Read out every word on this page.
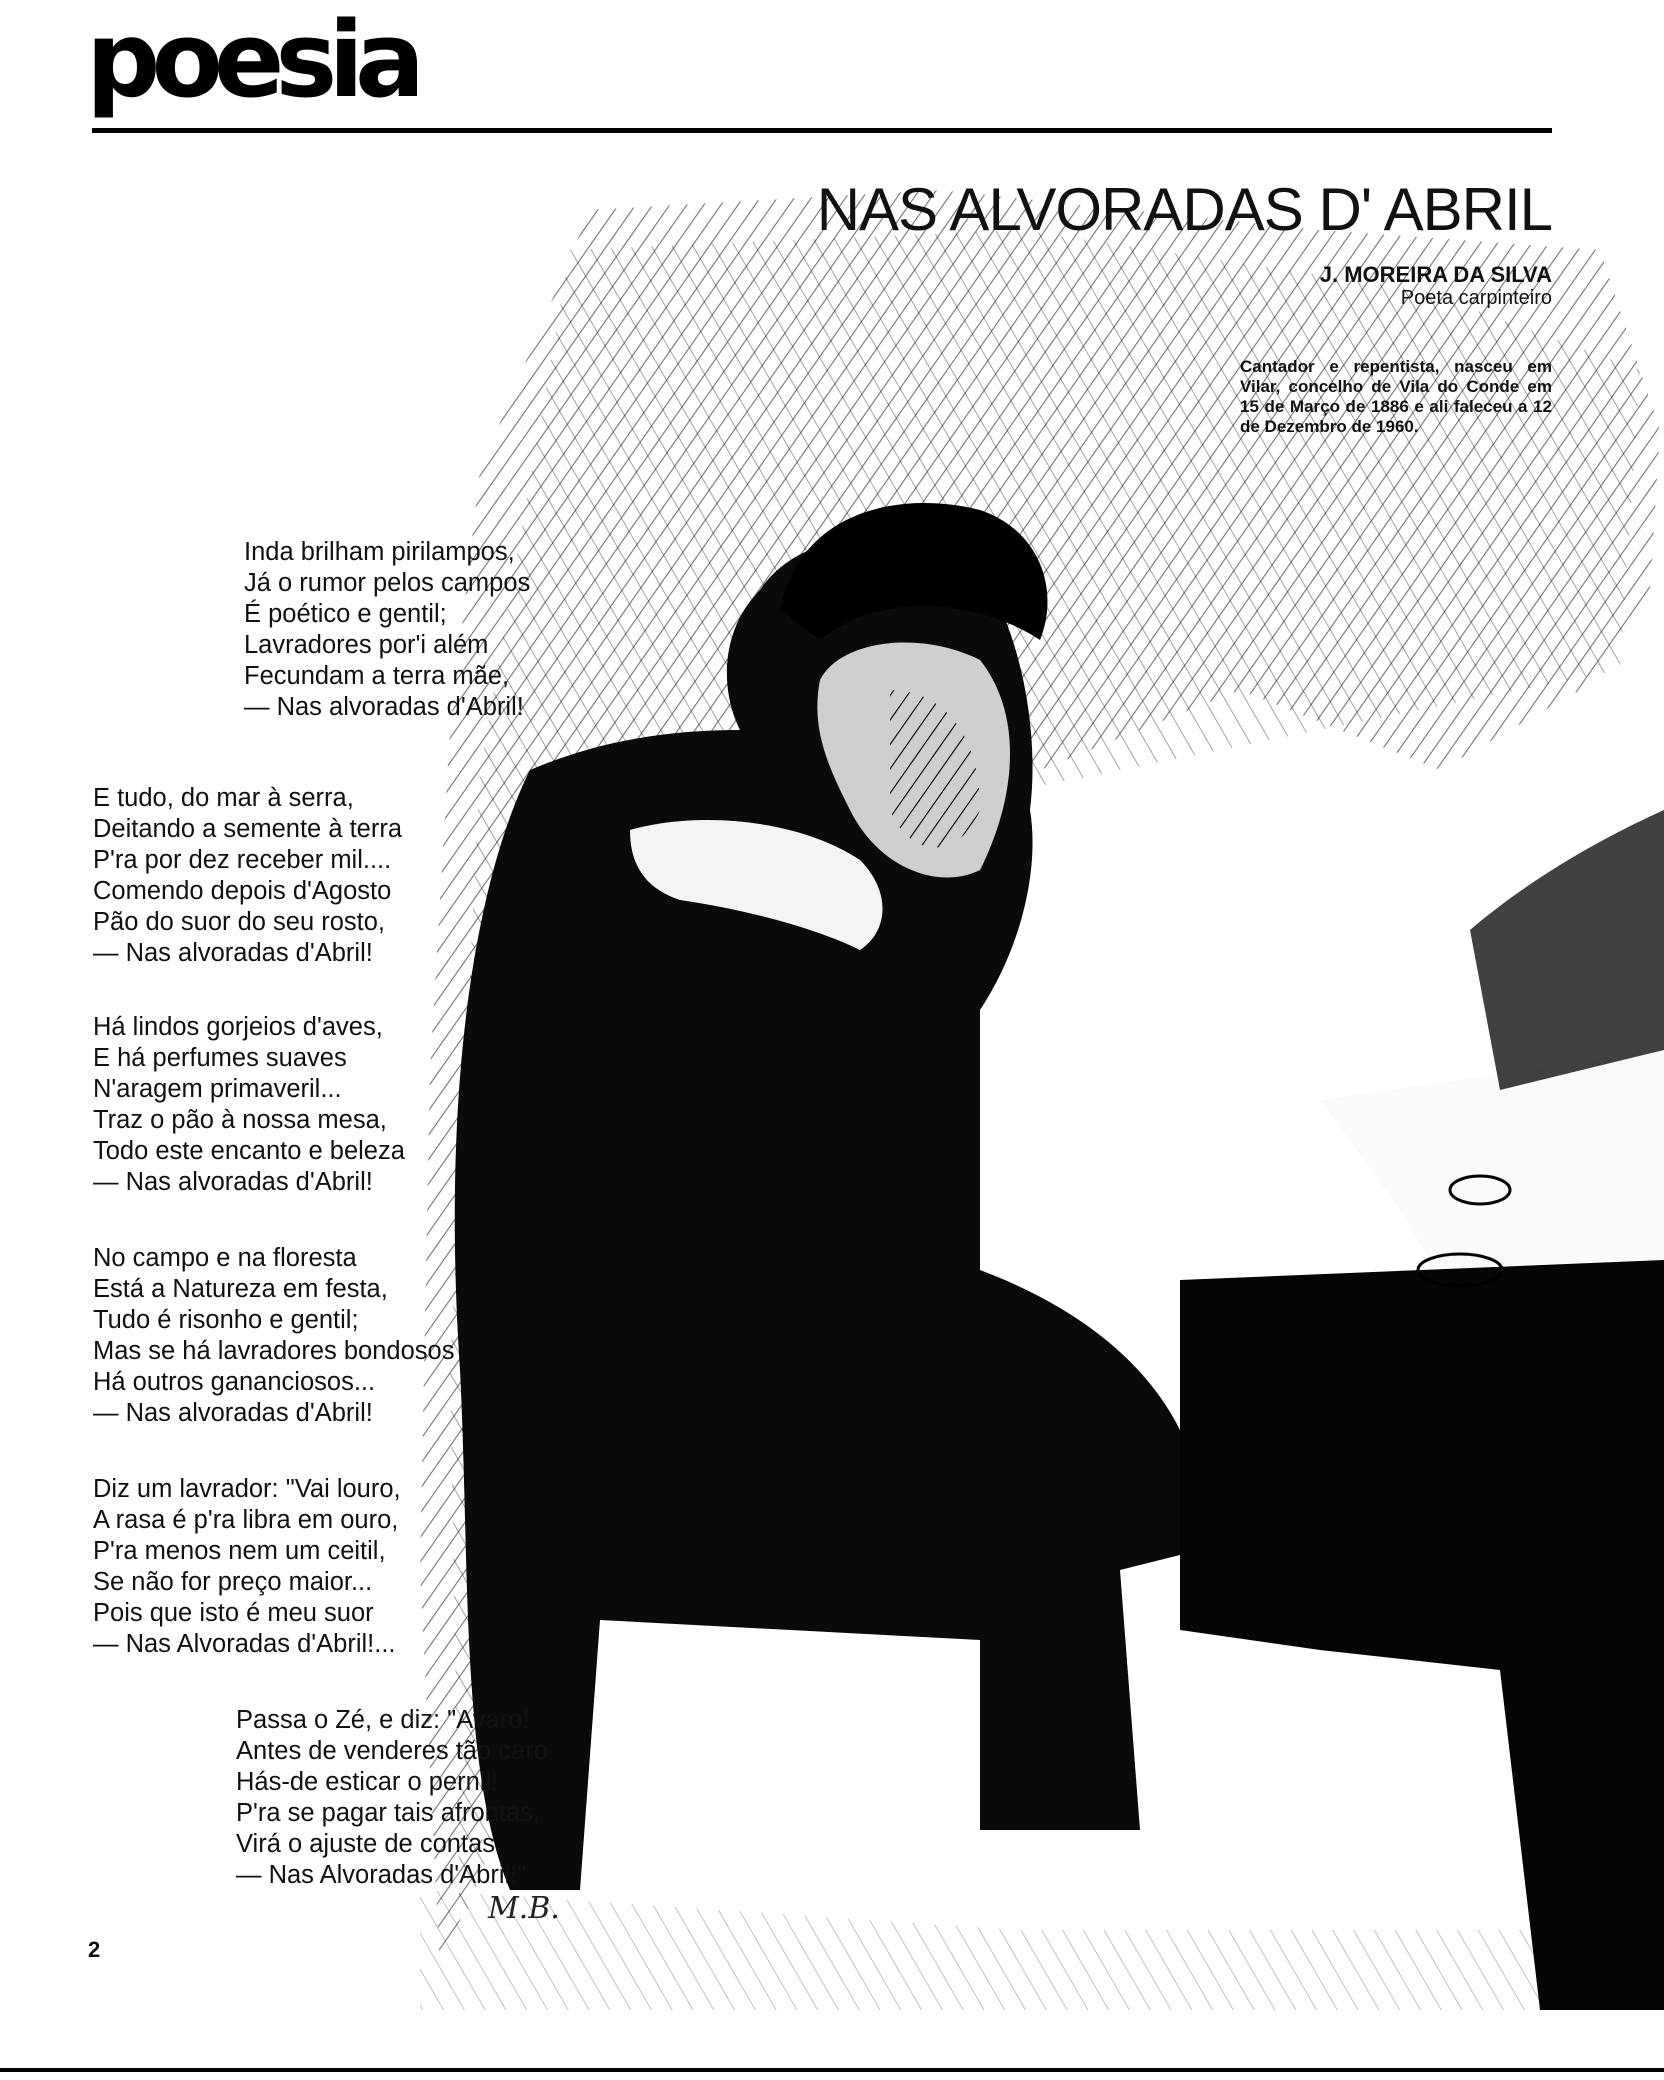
poesia
NAS ALVORADAS D' ABRIL
J. MOREIRA DA SILVA
Poeta carpinteiro

Cantador e repentista, nasceu em Vilar, concelho de Vila do Conde em 15 de Março de 1886 e ali faleceu a 12 de Dezembro de 1960.

Inda brilham pirilampos,
Já o rumor pelos campos
É poético e gentil;
Lavradores por'i além
Fecundam a terra mãe,
— Nas alvoradas d'Abril!
E tudo, do mar à serra,
Deitando a semente à terra
P'ra por dez receber mil....
Comendo depois d'Agosto
Pão do suor do seu rosto,
— Nas alvoradas d'Abril!
Há lindos gorjeios d'aves,
E há perfumes suaves
N'aragem primaveril...
Traz o pão à nossa mesa,
Todo este encanto e beleza
— Nas alvoradas d'Abril!
No campo e na floresta
Está a Natureza em festa,
Tudo é risonho e gentil;
Mas se há lavradores bondosos
Há outros gananciosos...
— Nas alvoradas d'Abril!
Diz um lavrador: "Vai louro,
A rasa é p'ra libra em ouro,
P'ra menos nem um ceitil,
Se não for preço maior...
Pois que isto é meu suor
— Nas Alvoradas d'Abril!...
Passa o Zé, e diz: "Avaro!
Antes de venderes tão caro
Hás-de esticar o pernil!
P'ra se pagar tais afrontas,
Virá o ajuste de contas
— Nas Alvoradas d'Abril!"
M.B.
2
